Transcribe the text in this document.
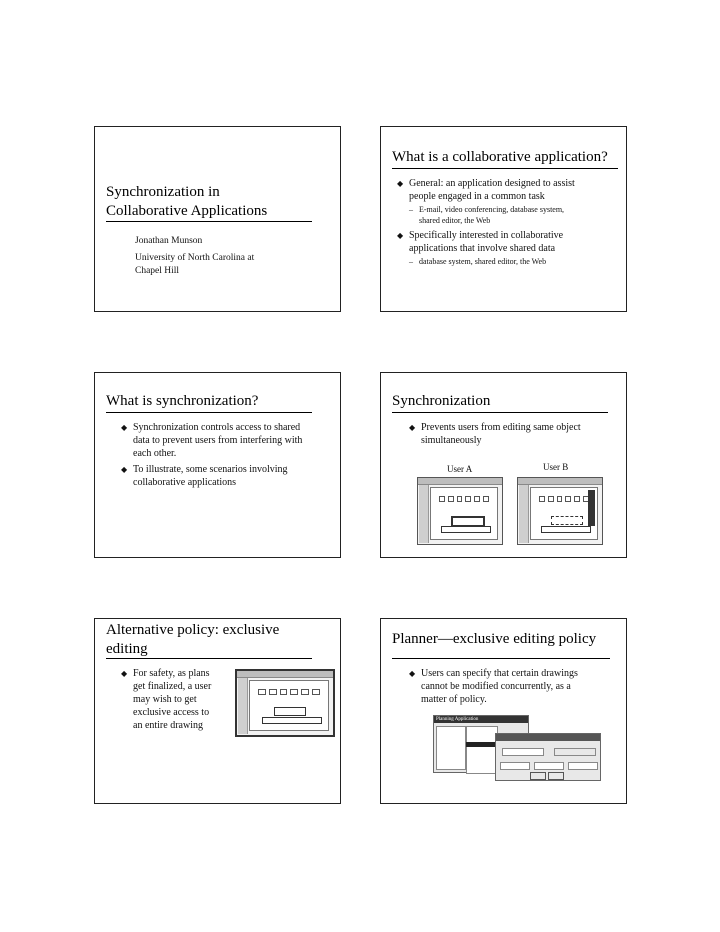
Synchronization in
Collaborative Applications
Jonathan Munson
University of North Carolina at
Chapel Hill
What is a collaborative application?
◆ General: an application designed to assist
people engaged in a common task
– E-mail, video conferencing, database system,
shared editor, the Web
◆ Specifically interested in collaborative
applications that involve shared data
– database system, shared editor, the Web
What is synchronization?
◆ Synchronization controls access to shared
data to prevent users from interfering with
each other.
◆ To illustrate, some scenarios involving
collaborative applications
Synchronization
◆ Prevents users from editing same object
simultaneously
User A	User B
Alternative policy: exclusive
editing
◆ For safety, as plans
get finalized, a user
may wish to get
exclusive access to
an entire drawing
Planner—exclusive editing policy
◆ Users can specify that certain drawings
cannot be modified concurrently, as a
matter of policy.
Planning Application
